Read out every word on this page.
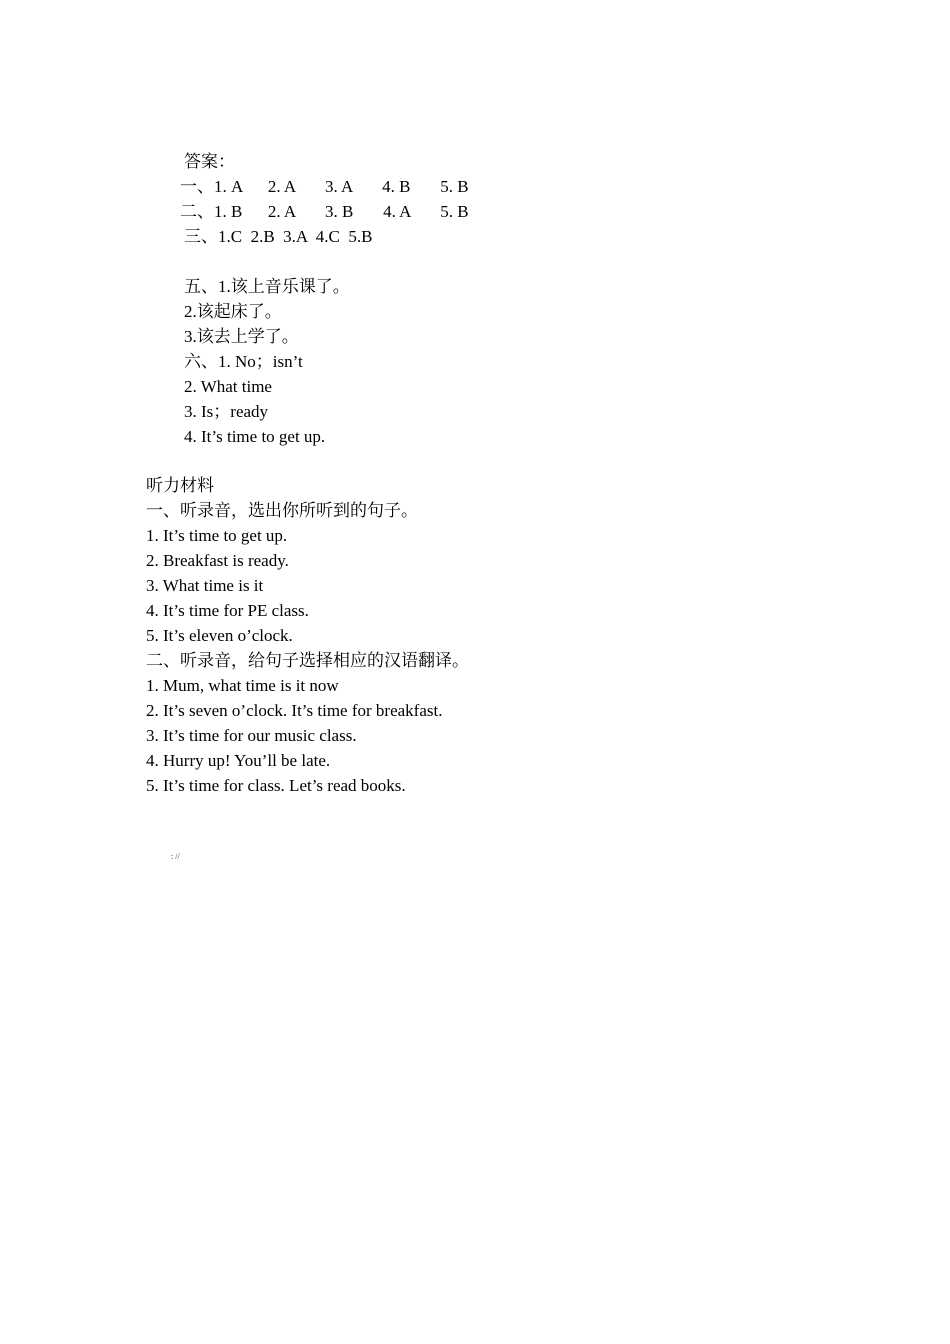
答案：
一、1. A      2. A       3. A       4. B       5. B
二、1. B      2. A       3. B       4. A       5. B
三、1.C  2.B  3.A  4.C  5.B
五、1.该上音乐课了。
2.该起床了。
3.该去上学了。
六、1. No；isn’t
2. What time
3. Is；ready
4. It’s time to get up.
听力材料
一、听录音，选出你所听到的句子。
1. It’s time to get up.
2. Breakfast is ready.
3. What time is it
4. It’s time for PE class.
5. It’s eleven o’clock.
二、听录音，给句子选择相应的汉语翻译。
1. Mum, what time is it now
2. It’s seven o’clock. It’s time for breakfast.
3. It’s time for our music class.
4. Hurry up! You’ll be late.
5. It’s time for class. Let’s read books.
: //
